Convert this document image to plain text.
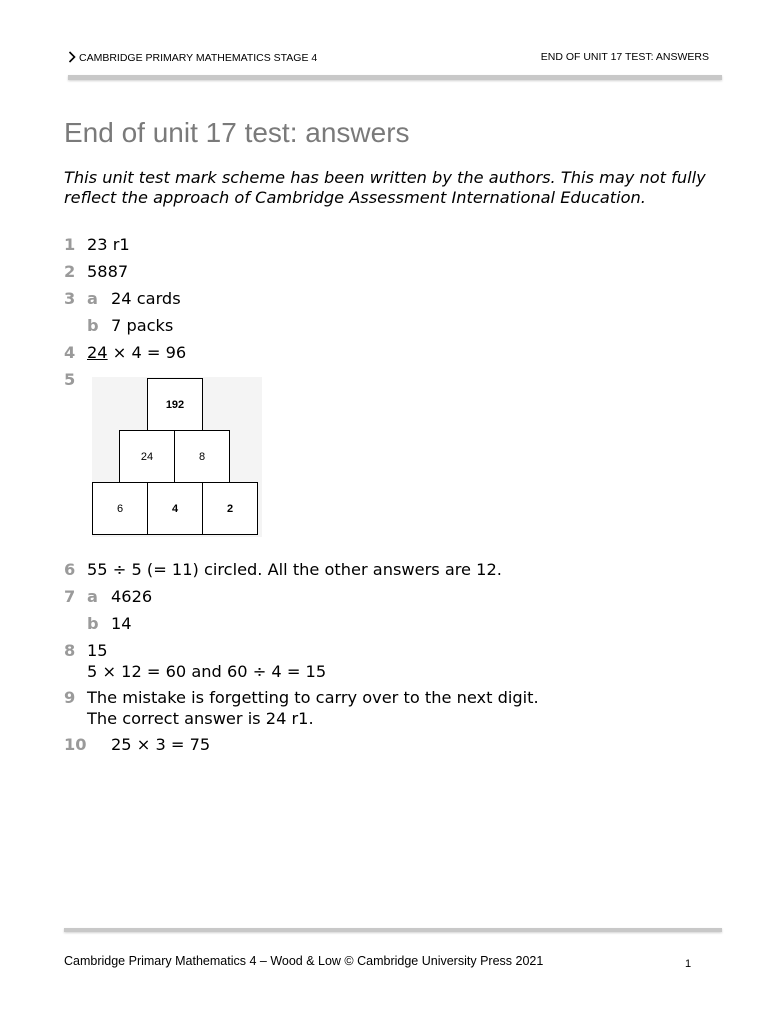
CAMBRIDGE PRIMARY MATHEMATICS STAGE 4	END OF UNIT 17 TEST: ANSWERS
End of unit 17 test: answers
This unit test mark scheme has been written by the authors. This may not fully reflect the approach of Cambridge Assessment International Education.
1 23 r1
2 5887
3 a 24 cards
b 7 packs
4 24 × 4 = 96
5
192
24	8
6	4	2
6 55 ÷ 5 (= 11) circled. All the other answers are 12.
7 a 4626
b 14
8 15
5 × 12 = 60 and 60 ÷ 4 = 15
9 The mistake is forgetting to carry over to the next digit.
The correct answer is 24 r1.
10 25 × 3 = 75
Cambridge Primary Mathematics 4 – Wood & Low © Cambridge University Press 2021	1
